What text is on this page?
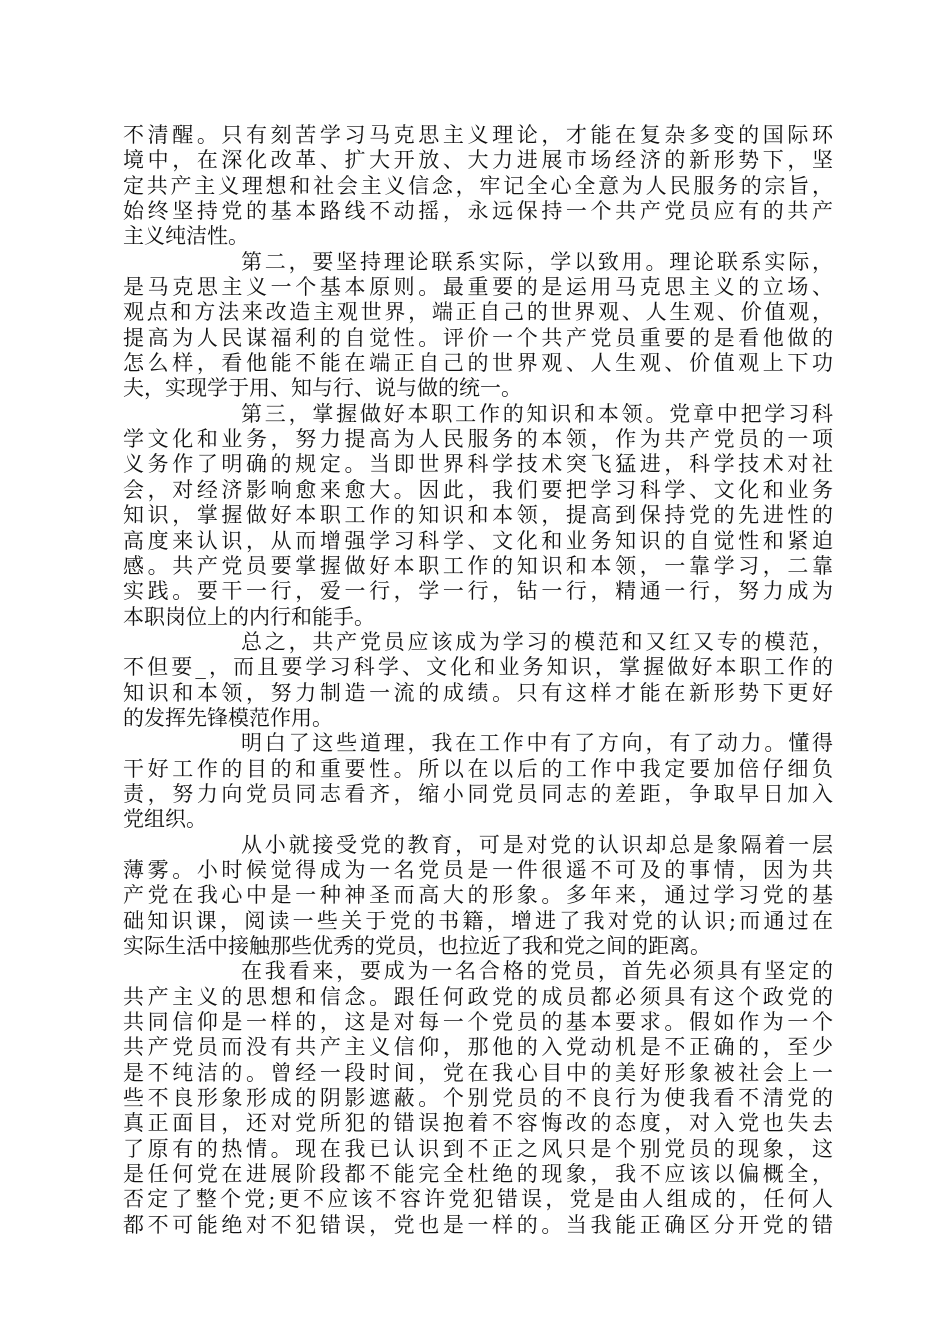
不清醒。只有刻苦学习马克思主义理论，才能在复杂多变的国际环
境中，在深化改革、扩大开放、大力进展市场经济的新形势下，坚
定共产主义理想和社会主义信念，牢记全心全意为人民服务的宗旨，
始终坚持党的基本路线不动摇，永远保持一个共产党员应有的共产
主义纯洁性。
第二，要坚持理论联系实际，学以致用。理论联系实际，
是马克思主义一个基本原则。最重要的是运用马克思主义的立场、
观点和方法来改造主观世界，端正自己的世界观、人生观、价值观，
提高为人民谋福利的自觉性。评价一个共产党员重要的是看他做的
怎么样，看他能不能在端正自己的世界观、人生观、价值观上下功
夫，实现学于用、知与行、说与做的统一。
第三，掌握做好本职工作的知识和本领。党章中把学习科
学文化和业务，努力提高为人民服务的本领，作为共产党员的一项
义务作了明确的规定。当即世界科学技术突飞猛进，科学技术对社
会，对经济影响愈来愈大。因此，我们要把学习科学、文化和业务
知识，掌握做好本职工作的知识和本领，提高到保持党的先进性的
高度来认识，从而增强学习科学、文化和业务知识的自觉性和紧迫
感。共产党员要掌握做好本职工作的知识和本领，一靠学习，二靠
实践。要干一行，爱一行，学一行，钻一行，精通一行，努力成为
本职岗位上的内行和能手。
总之，共产党员应该成为学习的模范和又红又专的模范，
不但要_，而且要学习科学、文化和业务知识，掌握做好本职工作的
知识和本领，努力制造一流的成绩。只有这样才能在新形势下更好
的发挥先锋模范作用。
明白了这些道理，我在工作中有了方向，有了动力。懂得
干好工作的目的和重要性。所以在以后的工作中我定要加倍仔细负
责，努力向党员同志看齐，缩小同党员同志的差距，争取早日加入
党组织。
从小就接受党的教育，可是对党的认识却总是象隔着一层
薄雾。小时候觉得成为一名党员是一件很遥不可及的事情，因为共
产党在我心中是一种神圣而高大的形象。多年来，通过学习党的基
础知识课，阅读一些关于党的书籍，增进了我对党的认识;而通过在
实际生活中接触那些优秀的党员，也拉近了我和党之间的距离。
在我看来，要成为一名合格的党员，首先必须具有坚定的
共产主义的思想和信念。跟任何政党的成员都必须具有这个政党的
共同信仰是一样的，这是对每一个党员的基本要求。假如作为一个
共产党员而没有共产主义信仰，那他的入党动机是不正确的，至少
是不纯洁的。曾经一段时间，党在我心目中的美好形象被社会上一
些不良形象形成的阴影遮蔽。个别党员的不良行为使我看不清党的
真正面目，还对党所犯的错误抱着不容悔改的态度，对入党也失去
了原有的热情。现在我已认识到不正之风只是个别党员的现象，这
是任何党在进展阶段都不能完全杜绝的现象，我不应该以偏概全，
否定了整个党;更不应该不容许党犯错误，党是由人组成的，任何人
都不可能绝对不犯错误，党也是一样的。当我能正确区分开党的错
